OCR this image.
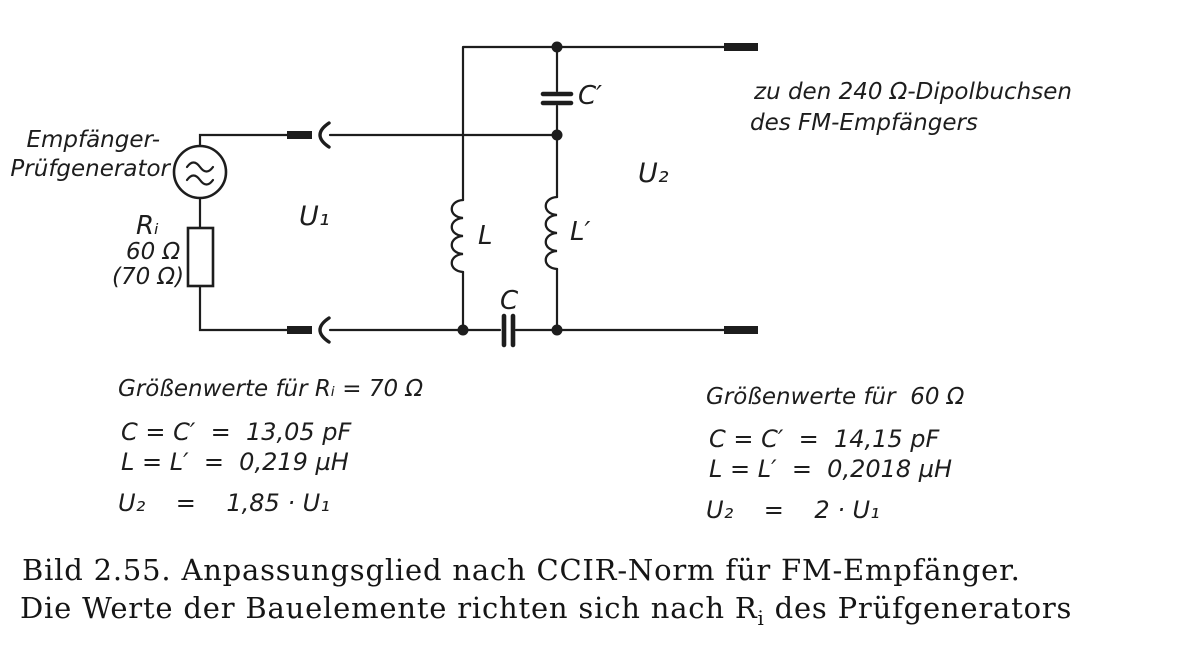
Empfänger-
Prüfgenerator
Rᵢ
60 Ω
(70 Ω)
U₁
U₂
L	L′
C
C′	zu den 240 Ω-Dipolbuchsen
des FM-Empfängers
Größenwerte für Rᵢ = 70 Ω
C = C′  =  13,05 pF
L = L′  =  0,219 µH
U₂    =    1,85 · U₁
Größenwerte für  60 Ω
C = C′  =  14,15 pF
L = L′  =  0,2018 µH
U₂    =    2 · U₁
Bild 2.55. Anpassungsglied nach CCIR-Norm für FM-Empfänger.
Die Werte der Bauelemente richten sich nach $R_i$ des Prüfgenerators
